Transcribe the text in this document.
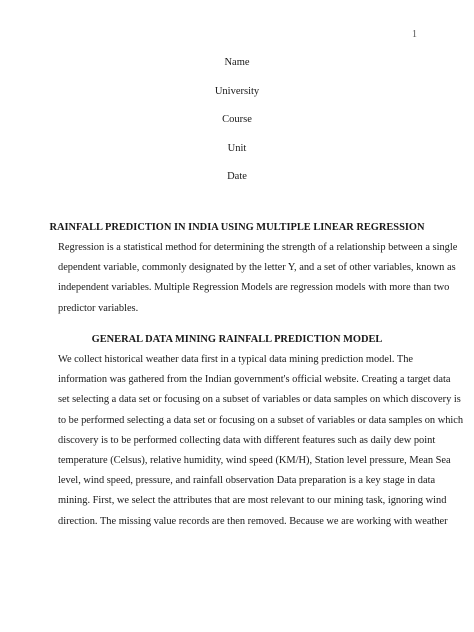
1
Name
University
Course
Unit
Date
RAINFALL PREDICTION IN INDIA USING MULTIPLE LINEAR REGRESSION
Regression is a statistical method for determining the strength of a relationship between a single
dependent variable, commonly designated by the letter Y, and a set of other variables, known as
independent variables. Multiple Regression Models are regression models with more than two
predictor variables.
GENERAL DATA MINING RAINFALL PREDICTION MODEL
We collect historical weather data first in a typical data mining prediction model. The
information was gathered from the Indian government's official website. Creating a target data
set selecting a data set or focusing on a subset of variables or data samples on which discovery is
to be performed selecting a data set or focusing on a subset of variables or data samples on which
discovery is to be performed collecting data with different features such as daily dew point
temperature (Celsus), relative humidity, wind speed (KM/H), Station level pressure, Mean Sea
level, wind speed, pressure, and rainfall observation Data preparation is a key stage in data
mining. First, we select the attributes that are most relevant to our mining task, ignoring wind
direction. The missing value records are then removed. Because we are working with weather
